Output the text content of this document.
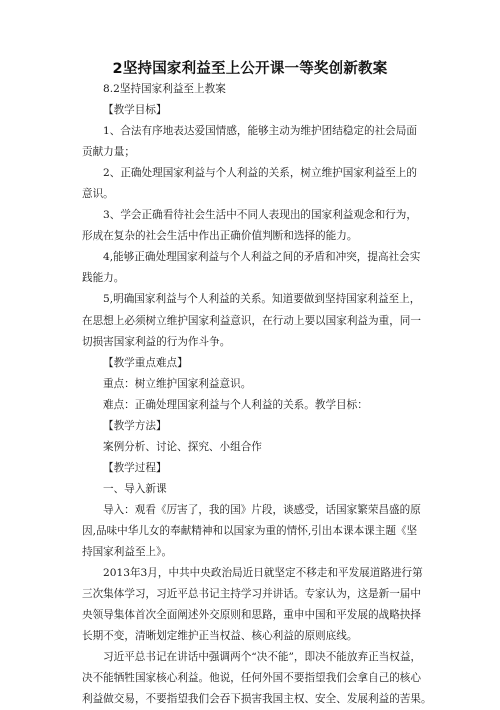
2坚持国家利益至上公开课一等奖创新教案

8.2坚持国家利益至上教案

【教学目标】

1、合法有序地表达爱国情感，能够主动为维护团结稳定的社会局面

贡献力量；

2、正确处理国家利益与个人利益的关系，树立维护国家利益至上的

意识。

3、学会正确看待社会生活中不同人表现出的国家利益观念和行为，

形成在复杂的社会生活中作出正确价值判断和选择的能力。

4,能够正确处理国家利益与个人利益之间的矛盾和冲突，提高社会实

践能力。

5,明确国家利益与个人利益的关系。知道要做到坚持国家利益至上，

在思想上必须树立维护国家利益意识，在行动上要以国家利益为重，同一

切损害国家利益的行为作斗争。

【教学重点难点】

重点：树立维护国家利益意识。

难点：正确处理国家利益与个人利益的关系。教学目标：

【教学方法】

案例分析、讨论、探究、小组合作

【教学过程】

一、导入新课

导入：观看《厉害了，我的国》片段，谈感受，话国家繁荣昌盛的原

因,品味中华儿女的奉献精神和以国家为重的情怀,引出本课本课主题《坚

持国家利益至上》。

2013年3月，中共中央政治局近日就坚定不移走和平发展道路进行第

三次集体学习，习近平总书记主持学习并讲话。专家认为，这是新一届中

央领导集体首次全面阐述外交原则和思路，重申中国和平发展的战略抉择

长期不变，清晰划定维护正当权益、核心利益的原则底线。

习近平总书记在讲话中强调两个“决不能”，即决不能放弃正当权益，

决不能牺牲国家核心利益。他说，任何外国不要指望我们会拿自己的核心

利益做交易，不要指望我们会吞下损害我国主权、安全、发展利益的苦果。
